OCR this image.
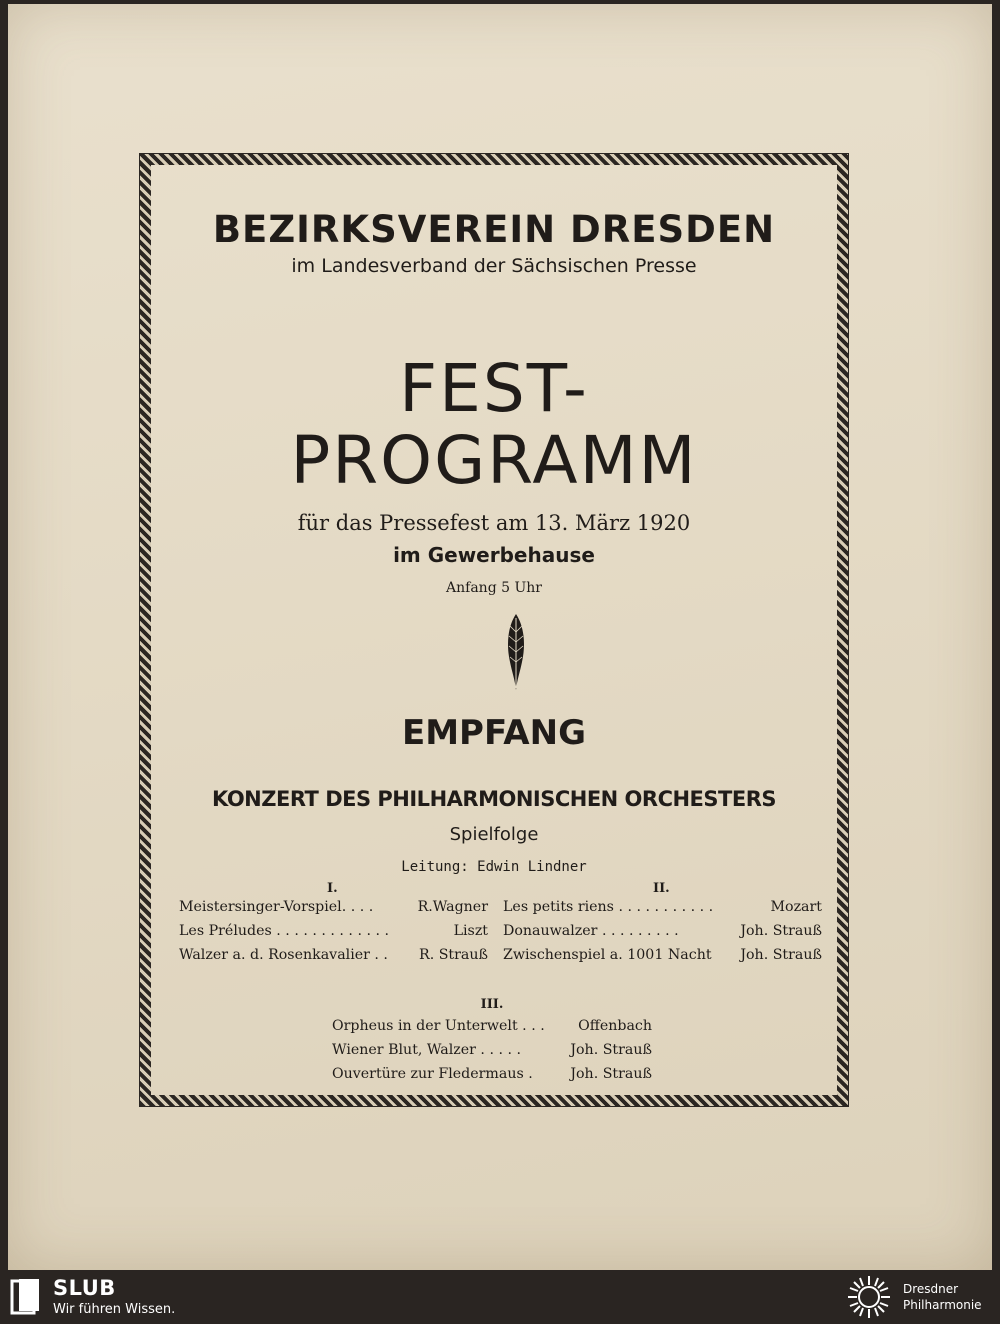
BEZIRKSVEREIN DRESDEN
im Landesverband der Sächsischen Presse
FEST-
PROGRAMM
für das Pressefest am 13. März 1920
im Gewerbehause
Anfang 5 Uhr
EMPFANG
KONZERT DES PHILHARMONISCHEN ORCHESTERS
Spielfolge
Leitung: Edwin Lindner
I.
Meistersinger-Vorspiel. . . .	R.Wagner
Les Préludes . . . . . . . . . . . . .	Liszt
Walzer a. d. Rosenkavalier . . R. Strauß
II.
Les petits riens . . . . . . . . . . .	Mozart
Donauwalzer . . . . . . . . .	Joh. Strauß
Zwischenspiel a. 1001 Nacht Joh. Strauß
III.
Orpheus in der Unterwelt . . . Offenbach
Wiener Blut, Walzer . . . . .	Joh. Strauß
Ouvertüre zur Fledermaus .	Joh. Strauß
SLUB
Wir führen Wissen.
Dresdner
Philharmonie
